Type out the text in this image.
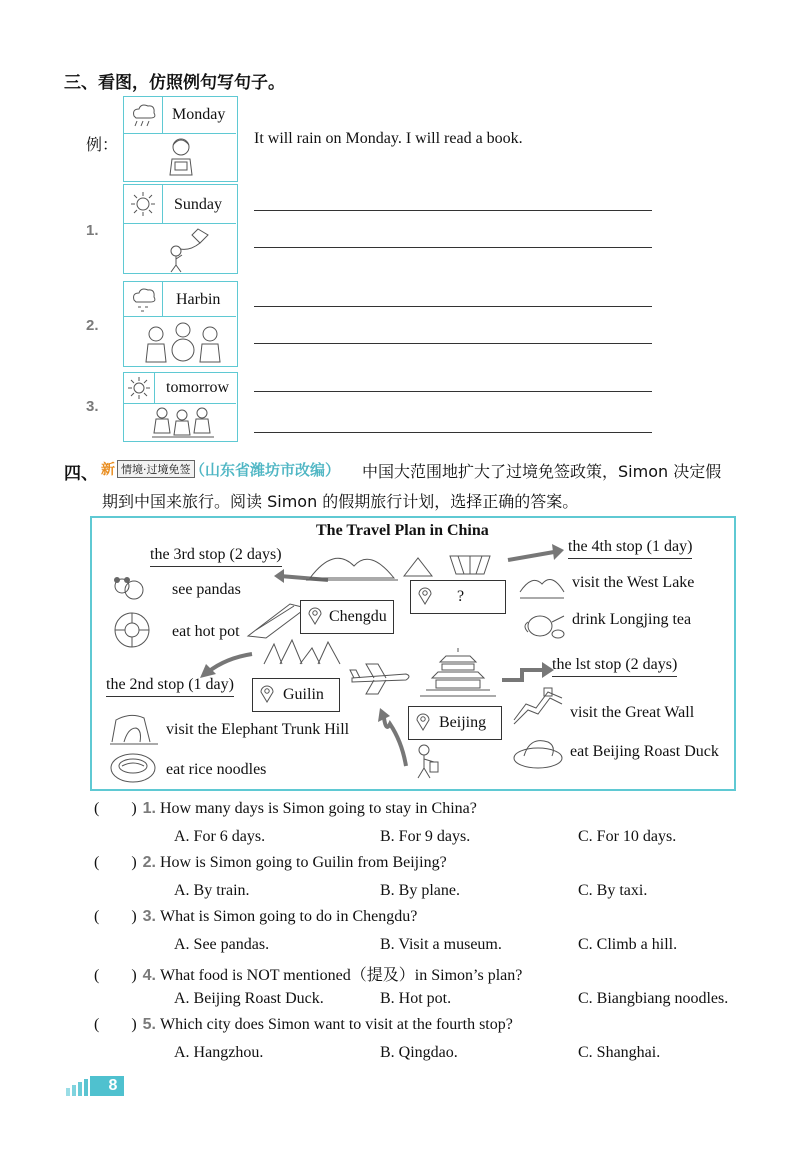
三、看图，仿照例句写句子。
例：
Monday
It will rain on Monday. I will read a book.
1.
Sunday
2.
Harbin
3.
tomorrow
四、 新 情境·过境免签 （山东省潍坊市改编） 中国大范围地扩大了过境免签政策，Simon 决定假
期到中国来旅行。阅读 Simon 的假期旅行计划，选择正确的答案。
The Travel Plan in China
the 3rd stop (2 days)
see pandas
eat hot pot
Chengdu
?
the 4th stop (1 day)
visit the West Lake
drink Longjing tea
the 2nd stop (1 day)
Guilin
visit the Elephant Trunk Hill
eat rice noodles
Beijing
the lst stop (2 days)
visit the Great Wall
eat Beijing Roast Duck
(        ) 1. How many days is Simon going to stay in China?
A. For 6 days.	B. For 9 days.	C. For 10 days.
(        ) 2. How is Simon going to Guilin from Beijing?
A. By train.	B. By plane.	C. By taxi.
(        ) 3. What is Simon going to do in Chengdu?
A. See pandas.	B. Visit a museum.	C. Climb a hill.
(        ) 4. What food is NOT mentioned（提及）in Simon’s plan?
A. Beijing Roast Duck.	B. Hot pot.	C. Biangbiang noodles.
(        ) 5. Which city does Simon want to visit at the fourth stop?
A. Hangzhou.	B. Qingdao.	C. Shanghai.
8
